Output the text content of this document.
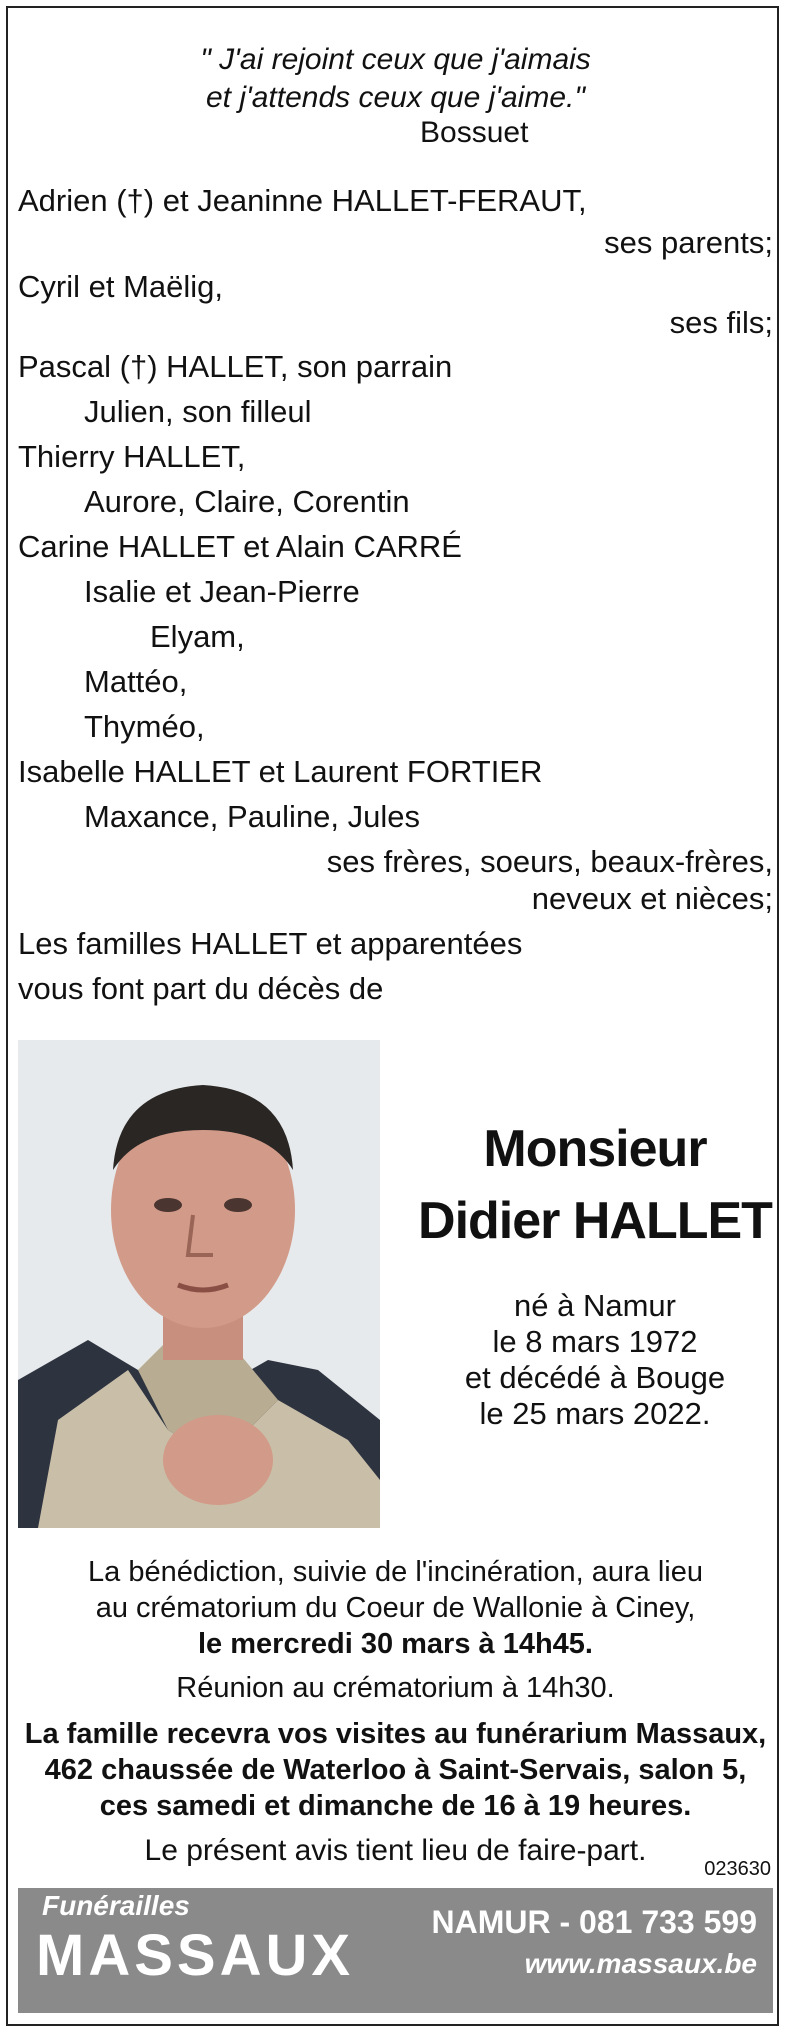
" J'ai rejoint ceux que j'aimais
et j'attends ceux que j'aime."
Bossuet
Adrien (†) et Jeaninne HALLET-FERAUT,
ses parents;
Cyril et Maëlig,
ses fils;
Pascal (†) HALLET, son parrain
Julien, son filleul
Thierry HALLET,
Aurore, Claire, Corentin
Carine HALLET et Alain CARRÉ
Isalie et Jean-Pierre
Elyam,
Mattéo,
Thyméo,
Isabelle HALLET et Laurent FORTIER
Maxance, Pauline, Jules
ses frères, soeurs, beaux-frères,
neveux et nièces;
Les familles HALLET et apparentées
vous font part du décès de
Monsieur
Didier HALLET
né à Namur
le 8 mars 1972
et décédé à Bouge
le 25 mars 2022.
La bénédiction, suivie de l'incinération, aura lieu
au crématorium du Coeur de Wallonie à Ciney,
le mercredi 30 mars à 14h45.
Réunion au crématorium à 14h30.
La famille recevra vos visites au funérarium Massaux,
462 chaussée de Waterloo à Saint-Servais, salon 5,
ces samedi et dimanche de 16 à 19 heures.
Le présent avis tient lieu de faire-part.
023630
Funérailles
MASSAUX
NAMUR - 081 733 599
www.massaux.be
